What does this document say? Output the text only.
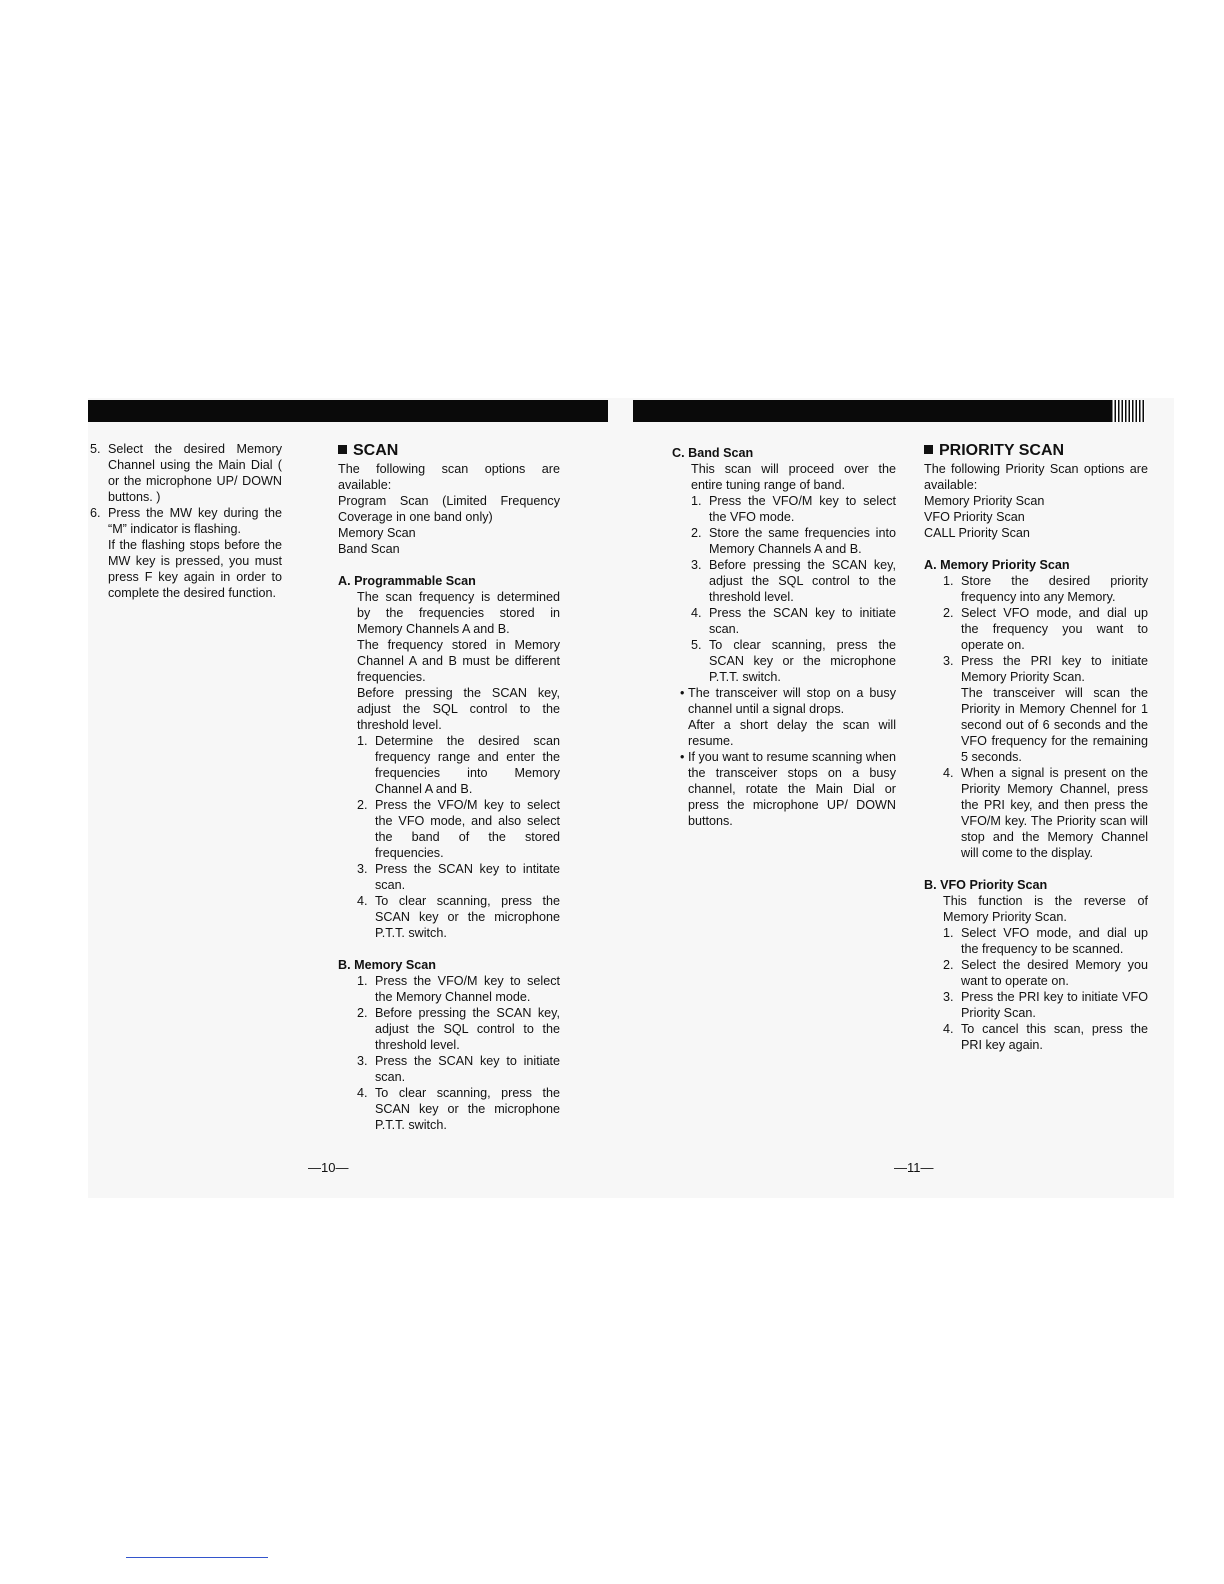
5. Select the desired Memory Channel using the Main Dial ( or the microphone UP/ DOWN buttons. )
6. Press the MW key during the “M” indicator is flashing.
If the flashing stops before the MW key is pressed, you must press F key again in order to complete the desired function.

SCAN

The following scan options are available:

Program Scan (Limited Frequency Coverage in one band only)

Memory Scan

Band Scan

A. Programmable Scan

The scan frequency is determined by the frequencies stored in Memory Channels A and B.

The frequency stored in Memory Channel A and B must be different frequencies.

Before pressing the SCAN key, adjust the SQL control to the threshold level.

1. Determine the desired scan frequency range and enter the frequencies into Memory Channel A and B.
2. Press the VFO/M key to select the VFO mode, and also select the band of the stored frequencies.
3. Press the SCAN key to intitate scan.
4. To clear scanning, press the SCAN key or the microphone P.T.T. switch.

B. Memory Scan

1. Press the VFO/M key to select the Memory Channel mode.
2. Before pressing the SCAN key, adjust the SQL control to the threshold level.
3. Press the SCAN key to initiate scan.
4. To clear scanning, press the SCAN key or the microphone P.T.T. switch.

C. Band Scan

This scan will proceed over the entire tuning range of band.

1. Press the VFO/M key to select the VFO mode.
2. Store the same frequencies into Memory Channels A and B.
3. Before pressing the SCAN key, adjust the SQL control to the threshold level.
4. Press the SCAN key to initiate scan.
5. To clear scanning, press the SCAN key or the microphone P.T.T. switch.
• The transceiver will stop on a busy channel until a signal drops.
After a short delay the scan will resume.
• If you want to resume scanning when the transceiver stops on a busy channel, rotate the Main Dial or press the microphone UP/ DOWN buttons.

PRIORITY SCAN

The following Priority Scan options are available:

Memory Priority Scan

VFO Priority Scan

CALL Priority Scan

A. Memory Priority Scan

1. Store the desired priority frequency into any Memory.
2. Select VFO mode, and dial up the frequency you want to operate on.
3. Press the PRI key to initiate Memory Priority Scan.
The transceiver will scan the Priority in Memory Chennel for 1 second out of 6 seconds and the VFO frequency for the remaining 5 seconds.
4. When a signal is present on the Priority Memory Channel, press the PRI key, and then press the VFO/M key. The Priority scan will stop and the Memory Channel will come to the display.

B. VFO Priority Scan

This function is the reverse of Memory Priority Scan.

1. Select VFO mode, and dial up the frequency to be scanned.
2. Select the desired Memory you want to operate on.
3. Press the PRI key to initiate VFO Priority Scan.
4. To cancel this scan, press the PRI key again.
—10—	—11—
